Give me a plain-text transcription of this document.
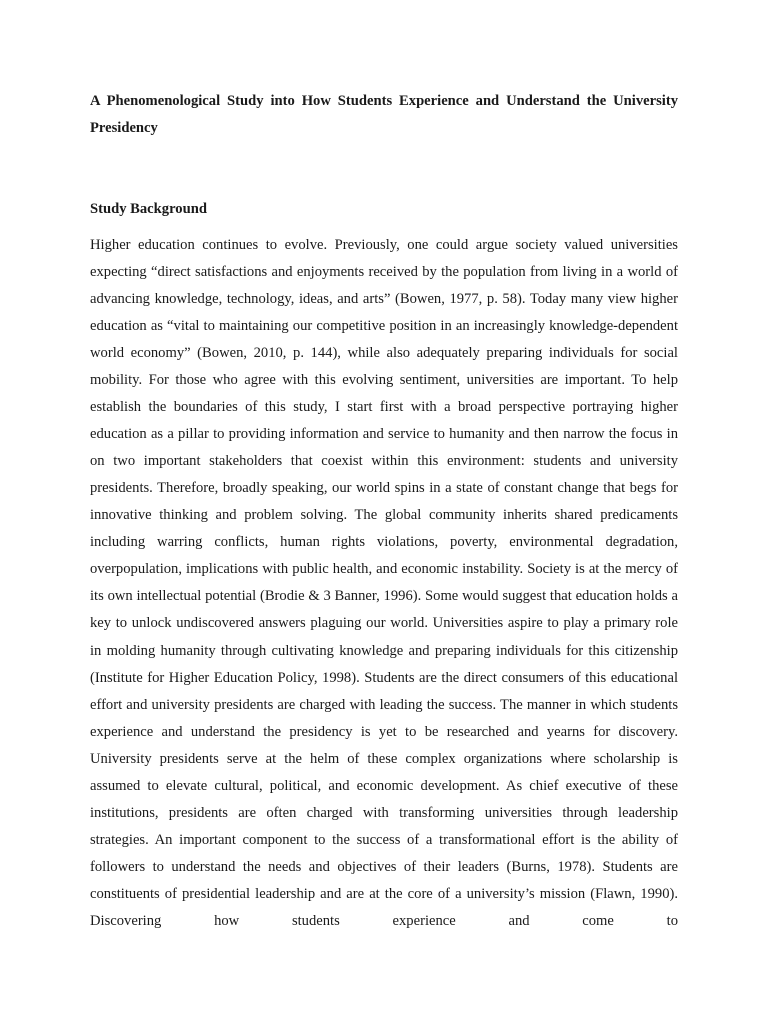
A Phenomenological Study into How Students Experience and Understand the University Presidency
Study Background

Higher education continues to evolve. Previously, one could argue society valued universities expecting “direct satisfactions and enjoyments received by the population from living in a world of advancing knowledge, technology, ideas, and arts” (Bowen, 1977, p. 58). Today many view higher education as “vital to maintaining our competitive position in an increasingly knowledge-dependent world economy” (Bowen, 2010, p. 144), while also adequately preparing individuals for social mobility. For those who agree with this evolving sentiment, universities are important. To help establish the boundaries of this study, I start first with a broad perspective portraying higher education as a pillar to providing information and service to humanity and then narrow the focus in on two important stakeholders that coexist within this environment: students and university presidents. Therefore, broadly speaking, our world spins in a state of constant change that begs for innovative thinking and problem solving. The global community inherits shared predicaments including warring conflicts, human rights violations, poverty, environmental degradation, overpopulation, implications with public health, and economic instability. Society is at the mercy of its own intellectual potential (Brodie & 3 Banner, 1996). Some would suggest that education holds a key to unlock undiscovered answers plaguing our world. Universities aspire to play a primary role in molding humanity through cultivating knowledge and preparing individuals for this citizenship (Institute for Higher Education Policy, 1998). Students are the direct consumers of this educational effort and university presidents are charged with leading the success. The manner in which students experience and understand the presidency is yet to be researched and yearns for discovery. University presidents serve at the helm of these complex organizations where scholarship is assumed to elevate cultural, political, and economic development. As chief executive of these institutions, presidents are often charged with transforming universities through leadership strategies. An important component to the success of a transformational effort is the ability of followers to understand the needs and objectives of their leaders (Burns, 1978). Students are constituents of presidential leadership and are at the core of a university’s mission (Flawn, 1990). Discovering how students experience and come to
